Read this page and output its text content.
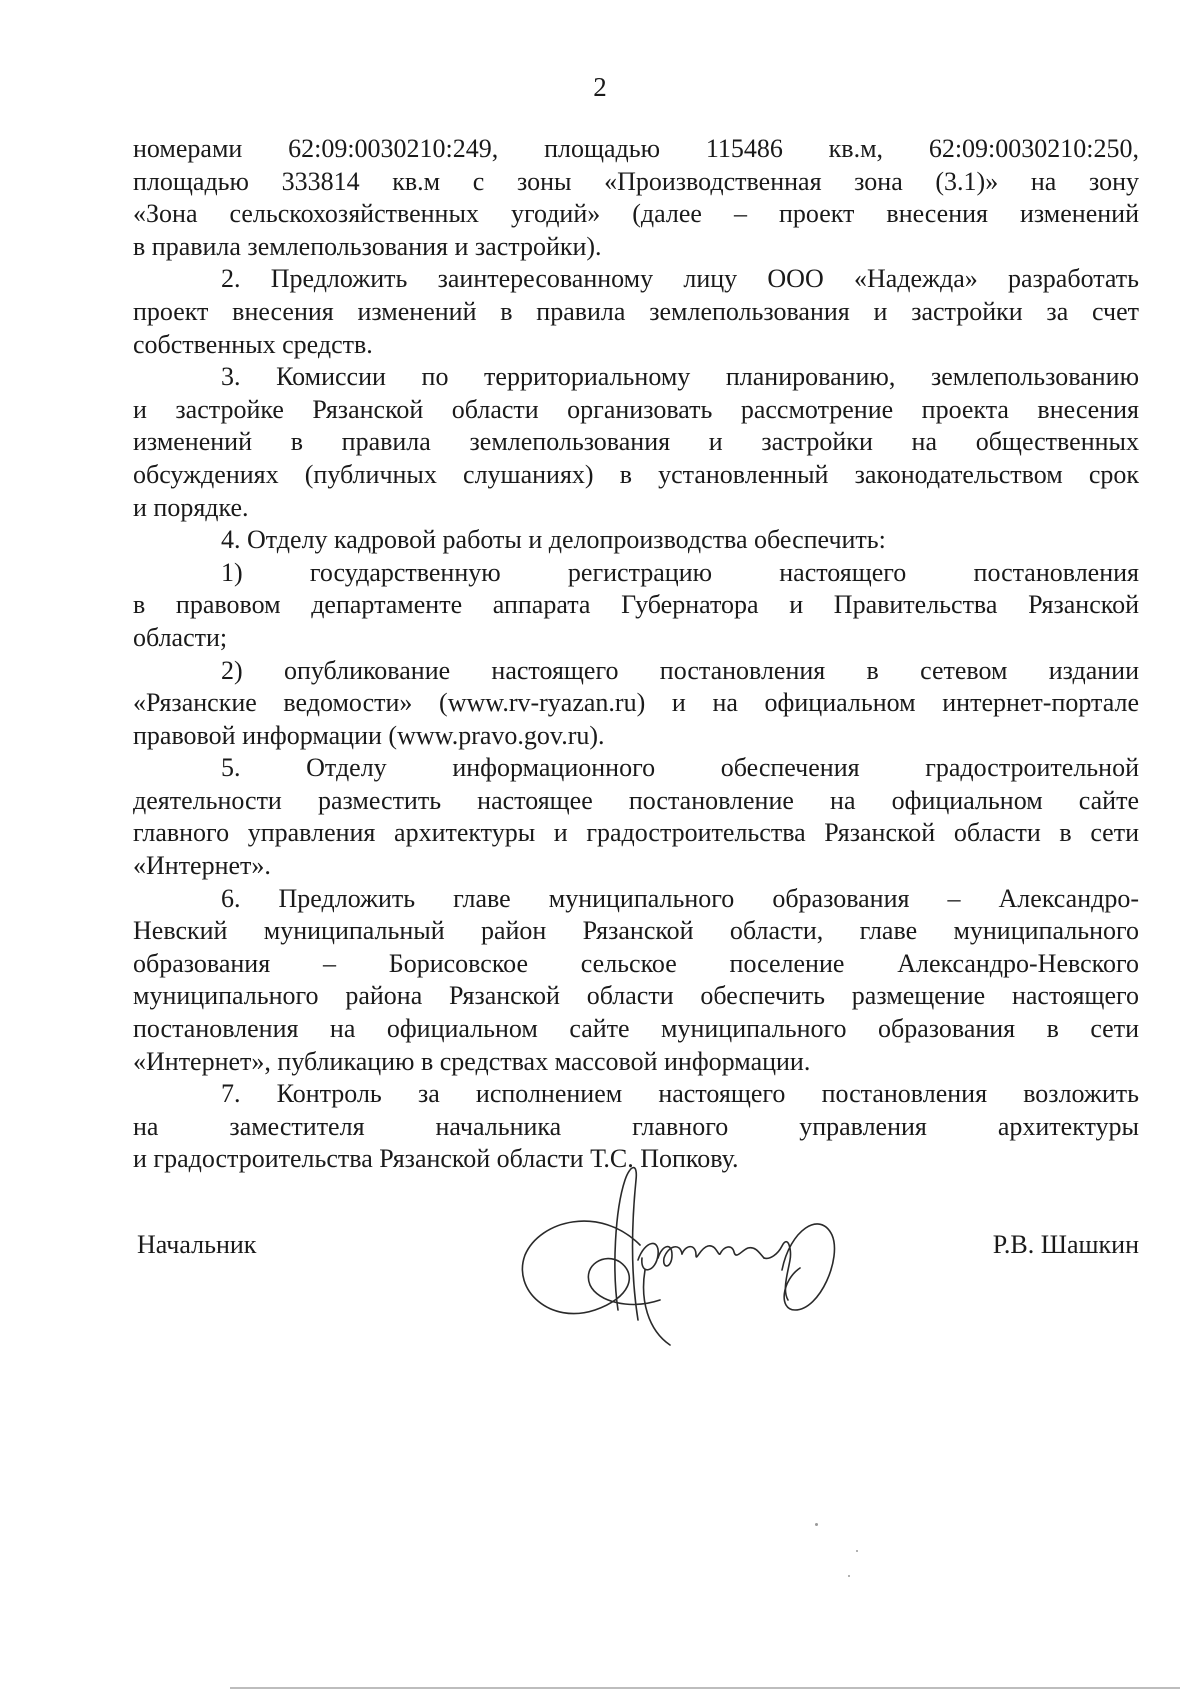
2

номерами 62:09:0030210:249, площадью 115486 кв.м, 62:09:0030210:250,

площадью 333814 кв.м с зоны «Производственная зона (3.1)» на зону

«Зона сельскохозяйственных угодий» (далее – проект внесения изменений

в правила землепользования и застройки).

2. Предложить заинтересованному лицу ООО «Надежда» разработать

проект внесения изменений в правила землепользования и застройки за счет

собственных средств.

3. Комиссии по территориальному планированию, землепользованию

и застройке Рязанской области организовать рассмотрение проекта внесения

изменений в правила землепользования и застройки на общественных

обсуждениях (публичных слушаниях) в установленный законодательством срок

и порядке.

4. Отделу кадровой работы и делопроизводства обеспечить:

1) государственную регистрацию настоящего постановления

в правовом департаменте аппарата Губернатора и Правительства Рязанской

области;

2) опубликование настоящего постановления в сетевом издании

«Рязанские ведомости» (www.rv-ryazan.ru) и на официальном интернет-портале

правовой информации (www.pravo.gov.ru).

5. Отделу информационного обеспечения градостроительной

деятельности разместить настоящее постановление на официальном сайте

главного управления архитектуры и градостроительства Рязанской области в сети

«Интернет».

6. Предложить главе муниципального образования – Александро-

Невский муниципальный район Рязанской области, главе муниципального

образования – Борисовское сельское поселение Александро-Невского

муниципального района Рязанской области обеспечить размещение настоящего

постановления на официальном сайте муниципального образования в сети

«Интернет», публикацию в средствах массовой информации.

7. Контроль за исполнением настоящего постановления возложить

на заместителя начальника главного управления архитектуры

и градостроительства Рязанской области Т.С. Попкову.

Начальник	Р.В. Шашкин
